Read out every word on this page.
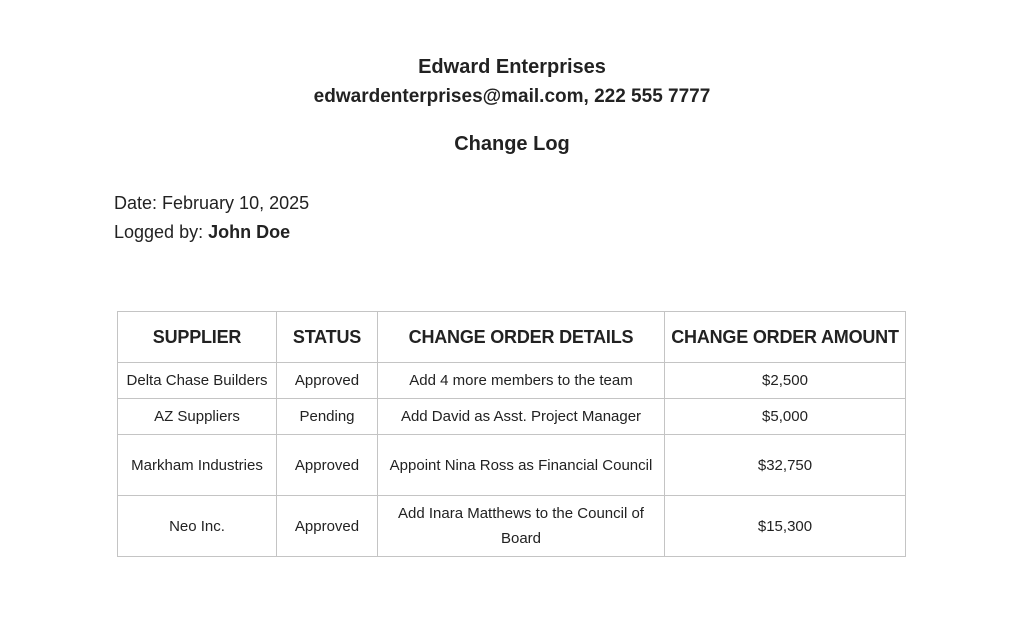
Edward Enterprises

edwardenterprises@mail.com, 222 555 7777

Change Log

Date: February 10, 2025
Logged by: John Doe
SUPPLIER	STATUS	CHANGE ORDER DETAILS	CHANGE ORDER AMOUNT
Delta Chase Builders	Approved	Add 4 more members to the team	$2,500
AZ Suppliers	Pending	Add David as Asst. Project Manager	$5,000
Markham Industries	Approved	Appoint Nina Ross as Financial Council	$32,750
Neo Inc.	Approved	Add Inara Matthews to the Council of Board	$15,300
